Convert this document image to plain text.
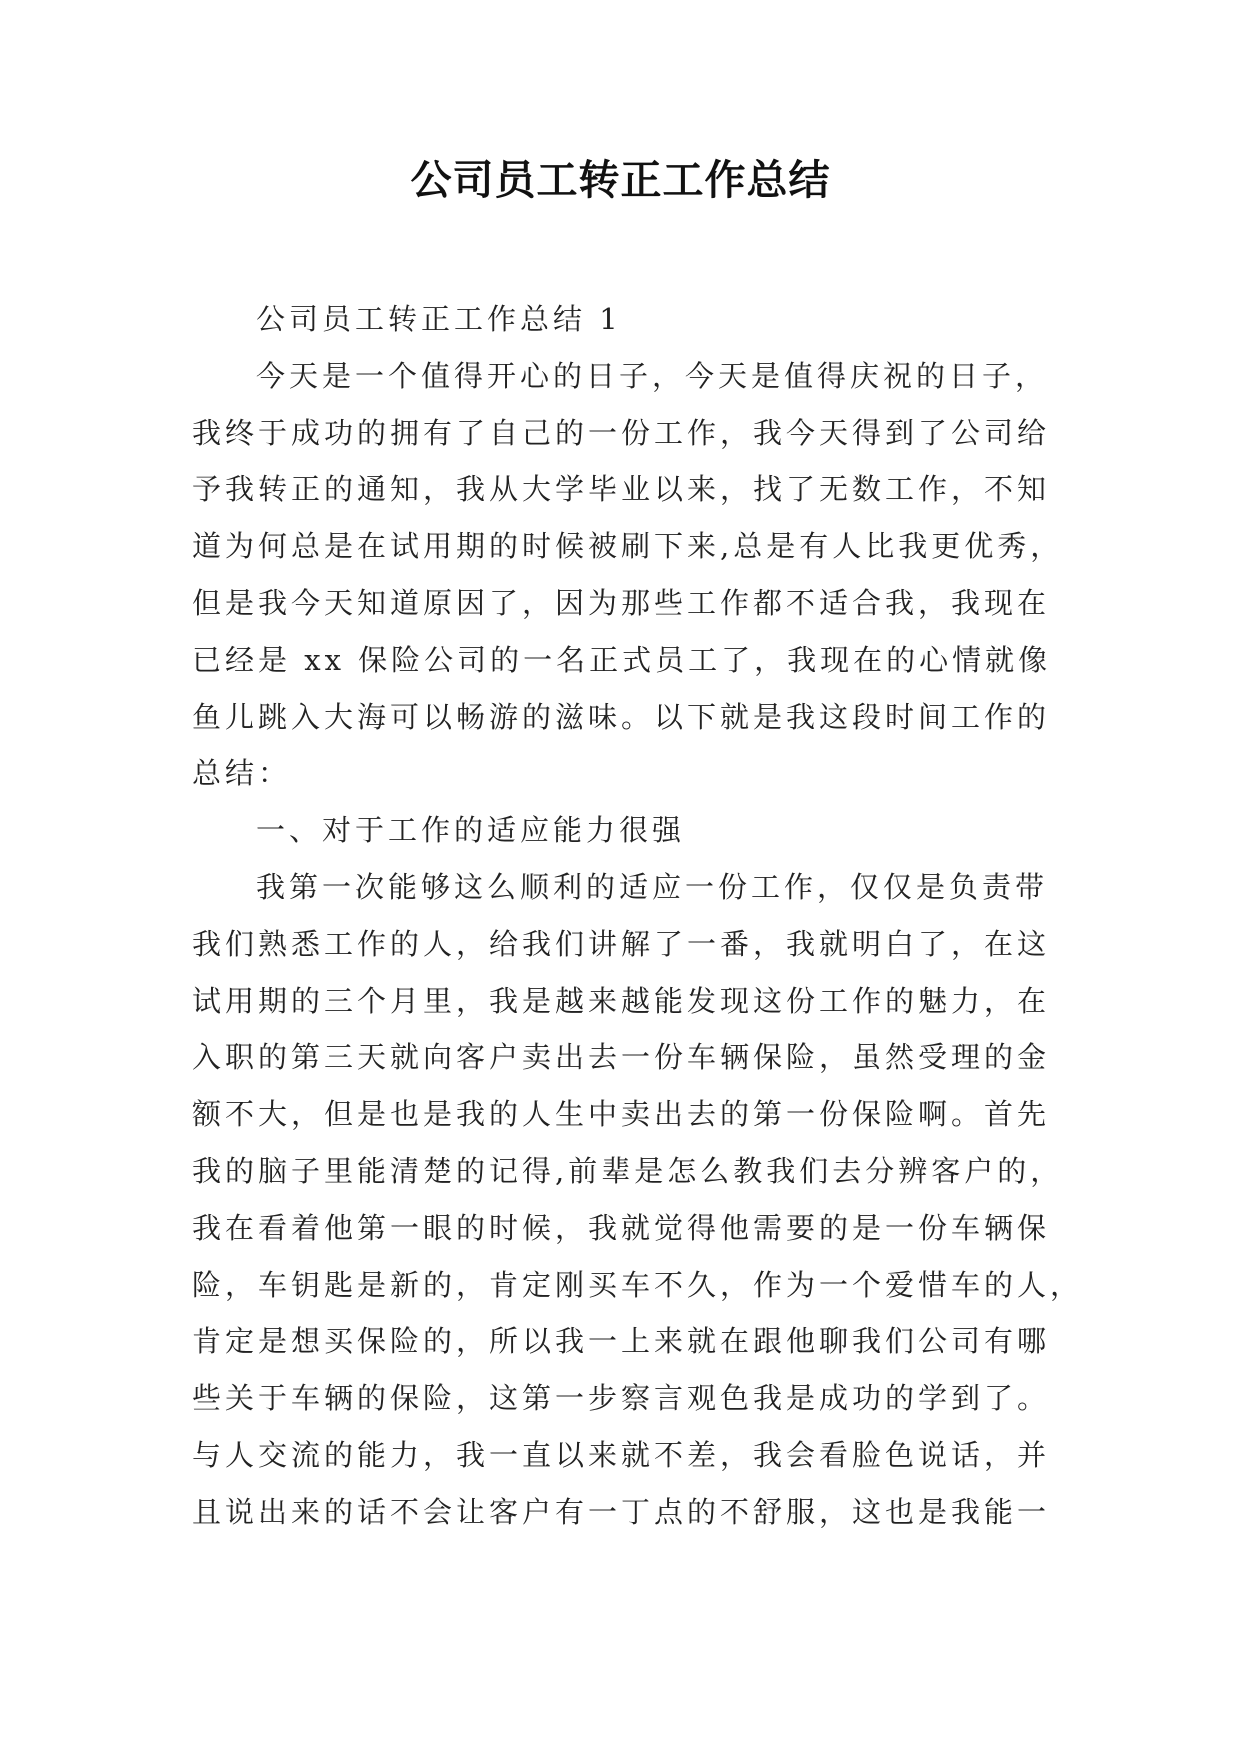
公司员工转正工作总结
公司员工转正工作总结 1
今天是一个值得开心的日子，今天是值得庆祝的日子，
我终于成功的拥有了自己的一份工作，我今天得到了公司给
予我转正的通知，我从大学毕业以来，找了无数工作，不知
道为何总是在试用期的时候被刷下来,总是有人比我更优秀，
但是我今天知道原因了，因为那些工作都不适合我，我现在
已经是 xx 保险公司的一名正式员工了，我现在的心情就像
鱼儿跳入大海可以畅游的滋味。以下就是我这段时间工作的
总结：
一、对于工作的适应能力很强
我第一次能够这么顺利的适应一份工作，仅仅是负责带
我们熟悉工作的人，给我们讲解了一番，我就明白了，在这
试用期的三个月里，我是越来越能发现这份工作的魅力，在
入职的第三天就向客户卖出去一份车辆保险，虽然受理的金
额不大，但是也是我的人生中卖出去的第一份保险啊。首先
我的脑子里能清楚的记得,前辈是怎么教我们去分辨客户的，
我在看着他第一眼的时候，我就觉得他需要的是一份车辆保
险，车钥匙是新的，肯定刚买车不久，作为一个爱惜车的人，
肯定是想买保险的，所以我一上来就在跟他聊我们公司有哪
些关于车辆的保险，这第一步察言观色我是成功的学到了。
与人交流的能力，我一直以来就不差，我会看脸色说话，并
且说出来的话不会让客户有一丁点的不舒服，这也是我能一
